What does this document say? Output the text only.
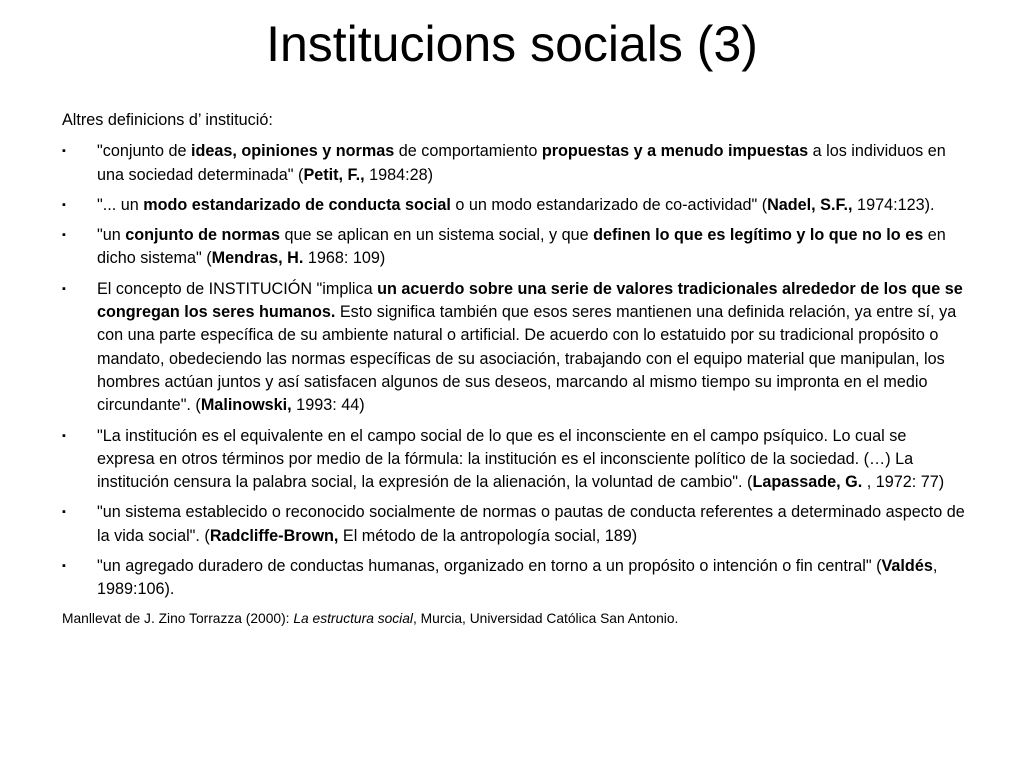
Institucions socials (3)
Altres definicions d’ institució:
▪ "conjunto de ideas, opiniones y normas de comportamiento propuestas y a menudo impuestas a los individuos en una sociedad determinada" (Petit, F., 1984:28)
▪ "... un modo estandarizado de conducta social o un modo estandarizado de co-actividad" (Nadel, S.F., 1974:123).
▪ "un conjunto de normas que se aplican en un sistema social, y que definen lo que es legítimo y lo que no lo es en dicho sistema" (Mendras, H. 1968: 109)
▪ El concepto de INSTITUCIÓN "implica un acuerdo sobre una serie de valores tradicionales alrededor de los que se congregan los seres humanos. Esto significa también que esos seres mantienen una definida relación, ya entre sí, ya con una parte específica de su ambiente natural o artificial. De acuerdo con lo estatuido por su tradicional propósito o mandato, obedeciendo las normas específicas de su asociación, trabajando con el equipo material que manipulan, los hombres actúan juntos y así satisfacen algunos de sus deseos, marcando al mismo tiempo su impronta en el medio circundante". (Malinowski, 1993: 44)
▪ "La institución es el equivalente en el campo social de lo que es el inconsciente en el campo psíquico. Lo cual se expresa en otros términos por medio de la fórmula: la institución es el inconsciente político de la sociedad. (…) La institución censura la palabra social, la expresión de la alienación, la voluntad de cambio". (Lapassade, G. , 1972: 77)
▪ "un sistema establecido o reconocido socialmente de normas o pautas de conducta referentes a determinado aspecto de la vida social". (Radcliffe-Brown, El método de la antropología social, 189)
▪ "un agregado duradero de conductas humanas, organizado en torno a un propósito o intención o fin central" (Valdés, 1989:106).
Manllevat de J. Zino Torrazza (2000): La estructura social, Murcia, Universidad Católica San Antonio.
